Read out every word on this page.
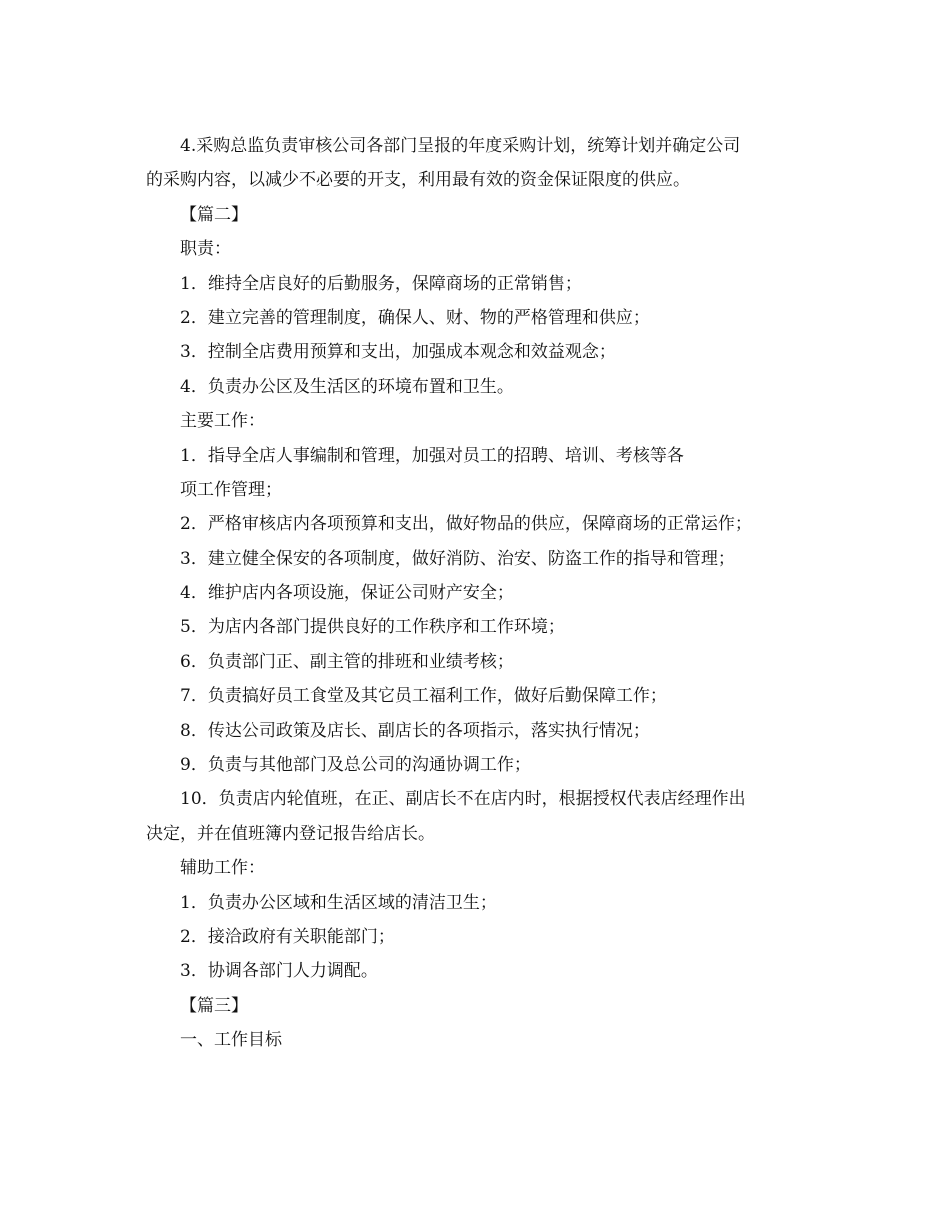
4.采购总监负责审核公司各部门呈报的年度采购计划，统筹计划并确定公司
的采购内容，以减少不必要的开支，利用最有效的资金保证限度的供应。
【篇二】
职责：
1．维持全店良好的后勤服务，保障商场的正常销售；
2．建立完善的管理制度，确保人、财、物的严格管理和供应；
3．控制全店费用预算和支出，加强成本观念和效益观念；
4．负责办公区及生活区的环境布置和卫生。
主要工作：
1．指导全店人事编制和管理，加强对员工的招聘、培训、考核等各
项工作管理；
2．严格审核店内各项预算和支出，做好物品的供应，保障商场的正常运作；
3．建立健全保安的各项制度，做好消防、治安、防盗工作的指导和管理；
4．维护店内各项设施，保证公司财产安全；
5．为店内各部门提供良好的工作秩序和工作环境；
6．负责部门正、副主管的排班和业绩考核；
7．负责搞好员工食堂及其它员工福利工作，做好后勤保障工作；
8．传达公司政策及店长、副店长的各项指示，落实执行情况；
9．负责与其他部门及总公司的沟通协调工作；
10．负责店内轮值班，在正、副店长不在店内时，根据授权代表店经理作出
决定，并在值班簿内登记报告给店长。
辅助工作：
1．负责办公区域和生活区域的清洁卫生；
2．接洽政府有关职能部门；
3．协调各部门人力调配。
【篇三】
一、工作目标
